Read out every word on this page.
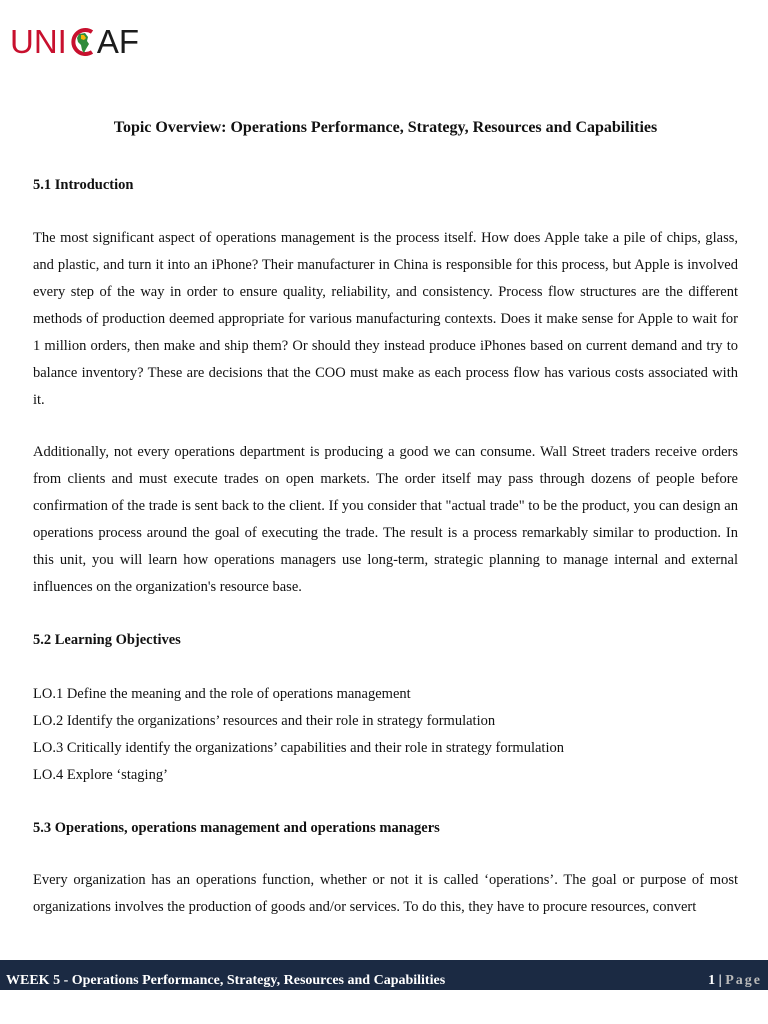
UNI AF
Topic Overview: Operations Performance, Strategy, Resources and Capabilities
5.1 Introduction

The most significant aspect of operations management is the process itself. How does Apple take a pile of chips, glass, and plastic, and turn it into an iPhone? Their manufacturer in China is responsible for this process, but Apple is involved every step of the way in order to ensure quality, reliability, and consistency. Process flow structures are the different methods of production deemed appropriate for various manufacturing contexts. Does it make sense for Apple to wait for 1 million orders, then make and ship them? Or should they instead produce iPhones based on current demand and try to balance inventory? These are decisions that the COO must make as each process flow has various costs associated with it.

Additionally, not every operations department is producing a good we can consume. Wall Street traders receive orders from clients and must execute trades on open markets. The order itself may pass through dozens of people before confirmation of the trade is sent back to the client. If you consider that "actual trade" to be the product, you can design an operations process around the goal of executing the trade. The result is a process remarkably similar to production. In this unit, you will learn how operations managers use long-term, strategic planning to manage internal and external influences on the organization's resource base.

5.2 Learning Objectives
LO.1 Define the meaning and the role of operations management
LO.2 Identify the organizations’ resources and their role in strategy formulation
LO.3 Critically identify the organizations’ capabilities and their role in strategy formulation
LO.4 Explore ‘staging’
5.3 Operations, operations management and operations managers

Every organization has an operations function, whether or not it is called ‘operations’. The goal or purpose of most organizations involves the production of goods and/or services. To do this, they have to procure resources, convert

WEEK 5 - Operations Performance, Strategy, Resources and Capabilities	1 | Page
